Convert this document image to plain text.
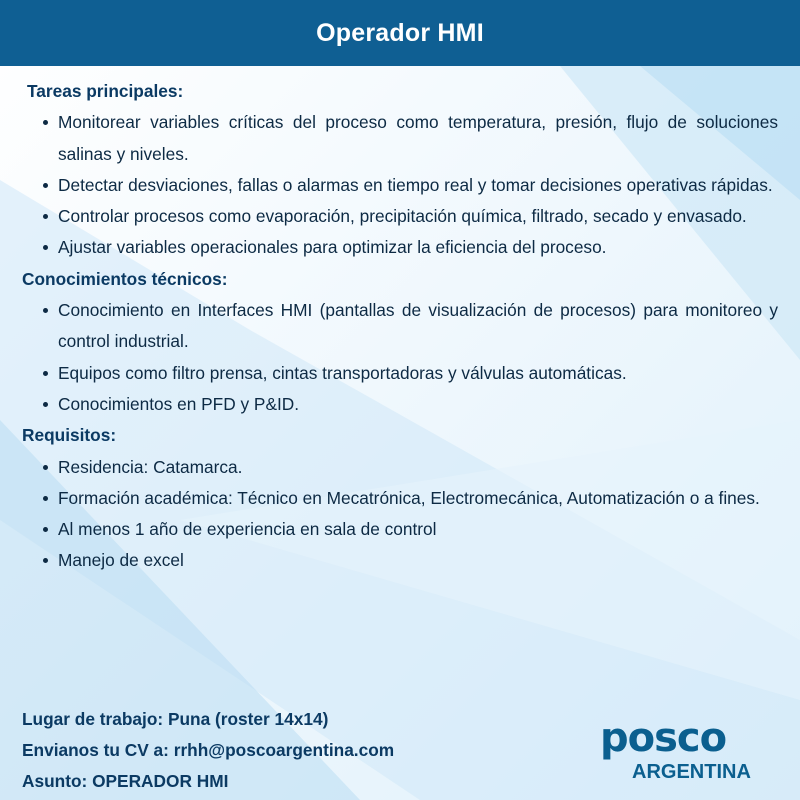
Operador HMI

Tareas principales:

Monitorear variables críticas del proceso como temperatura, presión, flujo de soluciones salinas y niveles.
Detectar desviaciones, fallas o alarmas en tiempo real y tomar decisiones operativas rápidas.
Controlar procesos como evaporación, precipitación química, filtrado, secado y envasado.
Ajustar variables operacionales para optimizar la eficiencia del proceso.

Conocimientos técnicos:

Conocimiento en Interfaces HMI (pantallas de visualización de procesos) para monitoreo y control industrial.
Equipos como filtro prensa, cintas transportadoras y válvulas automáticas.
Conocimientos en PFD y P&ID.

Requisitos:

Residencia: Catamarca.
Formación académica: Técnico en Mecatrónica, Electromecánica, Automatización o a fines.
Al menos 1 año de experiencia en sala de control
Manejo de excel
Lugar de trabajo: Puna (roster 14x14)
Envianos tu CV a: rrhh@poscoargentina.com
Asunto: OPERADOR HMI
posco
ARGENTINA
